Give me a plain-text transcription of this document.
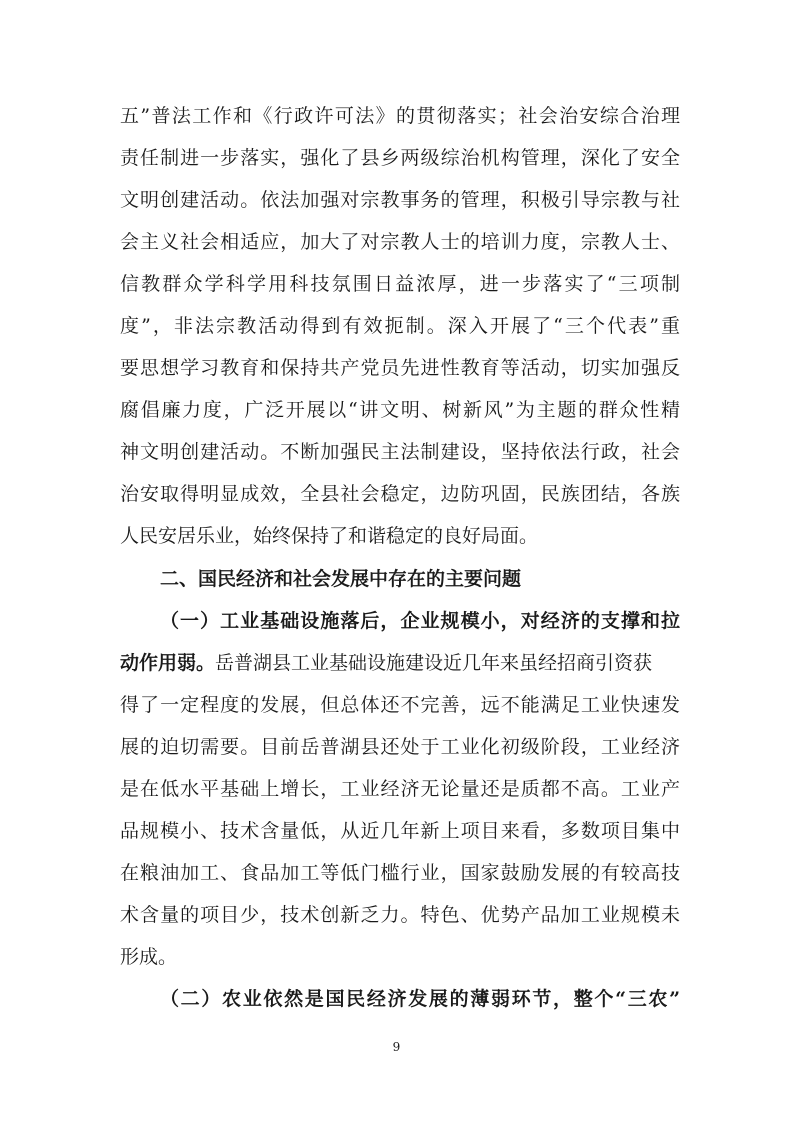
五”普法工作和《行政许可法》的贯彻落实；社会治安综合治理
责任制进一步落实，强化了县乡两级综治机构管理，深化了安全
文明创建活动。依法加强对宗教事务的管理，积极引导宗教与社
会主义社会相适应，加大了对宗教人士的培训力度，宗教人士、
信教群众学科学用科技氛围日益浓厚，进一步落实了“三项制
度”，非法宗教活动得到有效扼制。深入开展了“三个代表”重
要思想学习教育和保持共产党员先进性教育等活动，切实加强反
腐倡廉力度，广泛开展以“讲文明、树新风”为主题的群众性精
神文明创建活动。不断加强民主法制建设，坚持依法行政，社会
治安取得明显成效，全县社会稳定，边防巩固，民族团结，各族
人民安居乐业，始终保持了和谐稳定的良好局面。
二、国民经济和社会发展中存在的主要问题
（一）工业基础设施落后，企业规模小，对经济的支撑和拉
动作用弱。岳普湖县工业基础设施建设近几年来虽经招商引资获
得了一定程度的发展，但总体还不完善，远不能满足工业快速发
展的迫切需要。目前岳普湖县还处于工业化初级阶段，工业经济
是在低水平基础上增长，工业经济无论量还是质都不高。工业产
品规模小、技术含量低，从近几年新上项目来看，多数项目集中
在粮油加工、食品加工等低门槛行业，国家鼓励发展的有较高技
术含量的项目少，技术创新乏力。特色、优势产品加工业规模未
形成。
（二）农业依然是国民经济发展的薄弱环节，整个“三农”
9
